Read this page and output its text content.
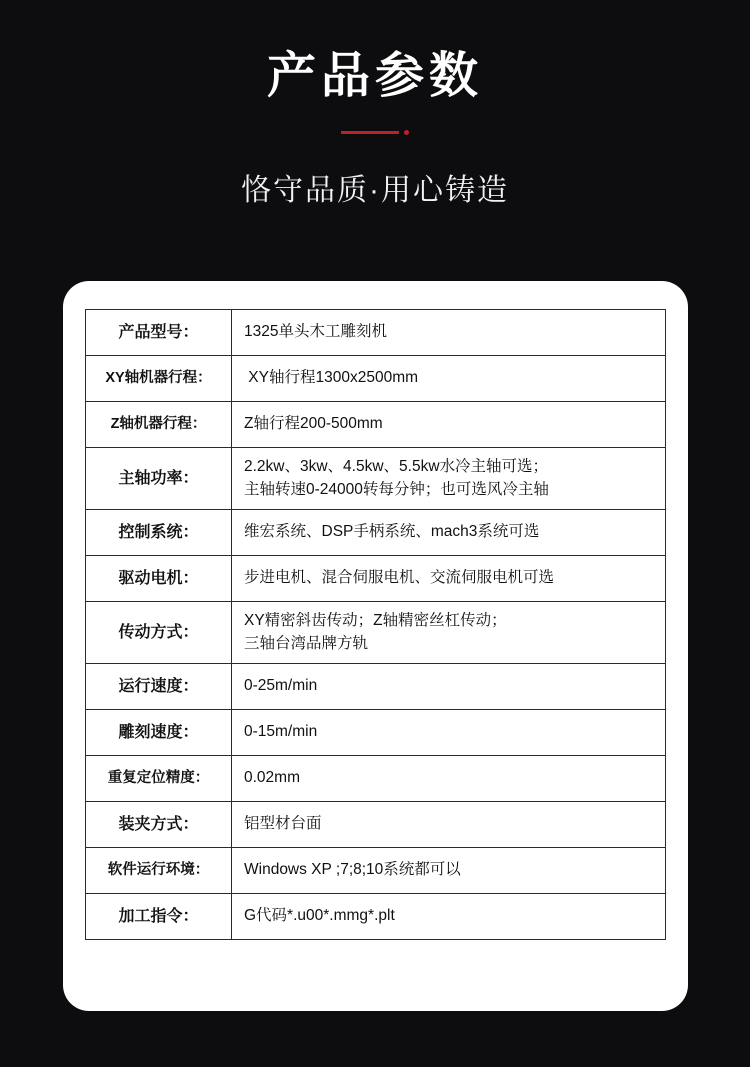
产品参数
恪守品质·用心铸造
产品型号：	1325单头木工雕刻机

XY轴机器行程：	XY轴行程1300x2500mm

Z轴机器行程：	Z轴行程200-500mm

主轴功率：	2.2kw、3kw、4.5kw、5.5kw水冷主轴可选；
主轴转速0-24000转每分钟；也可选风冷主轴

控制系统：	维宏系统、DSP手柄系统、mach3系统可选

驱动电机：	步进电机、混合伺服电机、交流伺服电机可选

传动方式：	XY精密斜齿传动；Z轴精密丝杠传动；
三轴台湾品牌方轨

运行速度：	0-25m/min

雕刻速度：	0-15m/min

重复定位精度：	0.02mm

装夹方式：	铝型材台面

软件运行环境：	Windows XP ;7;8;10系统都可以

加工指令：	G代码*.u00*.mmg*.plt
